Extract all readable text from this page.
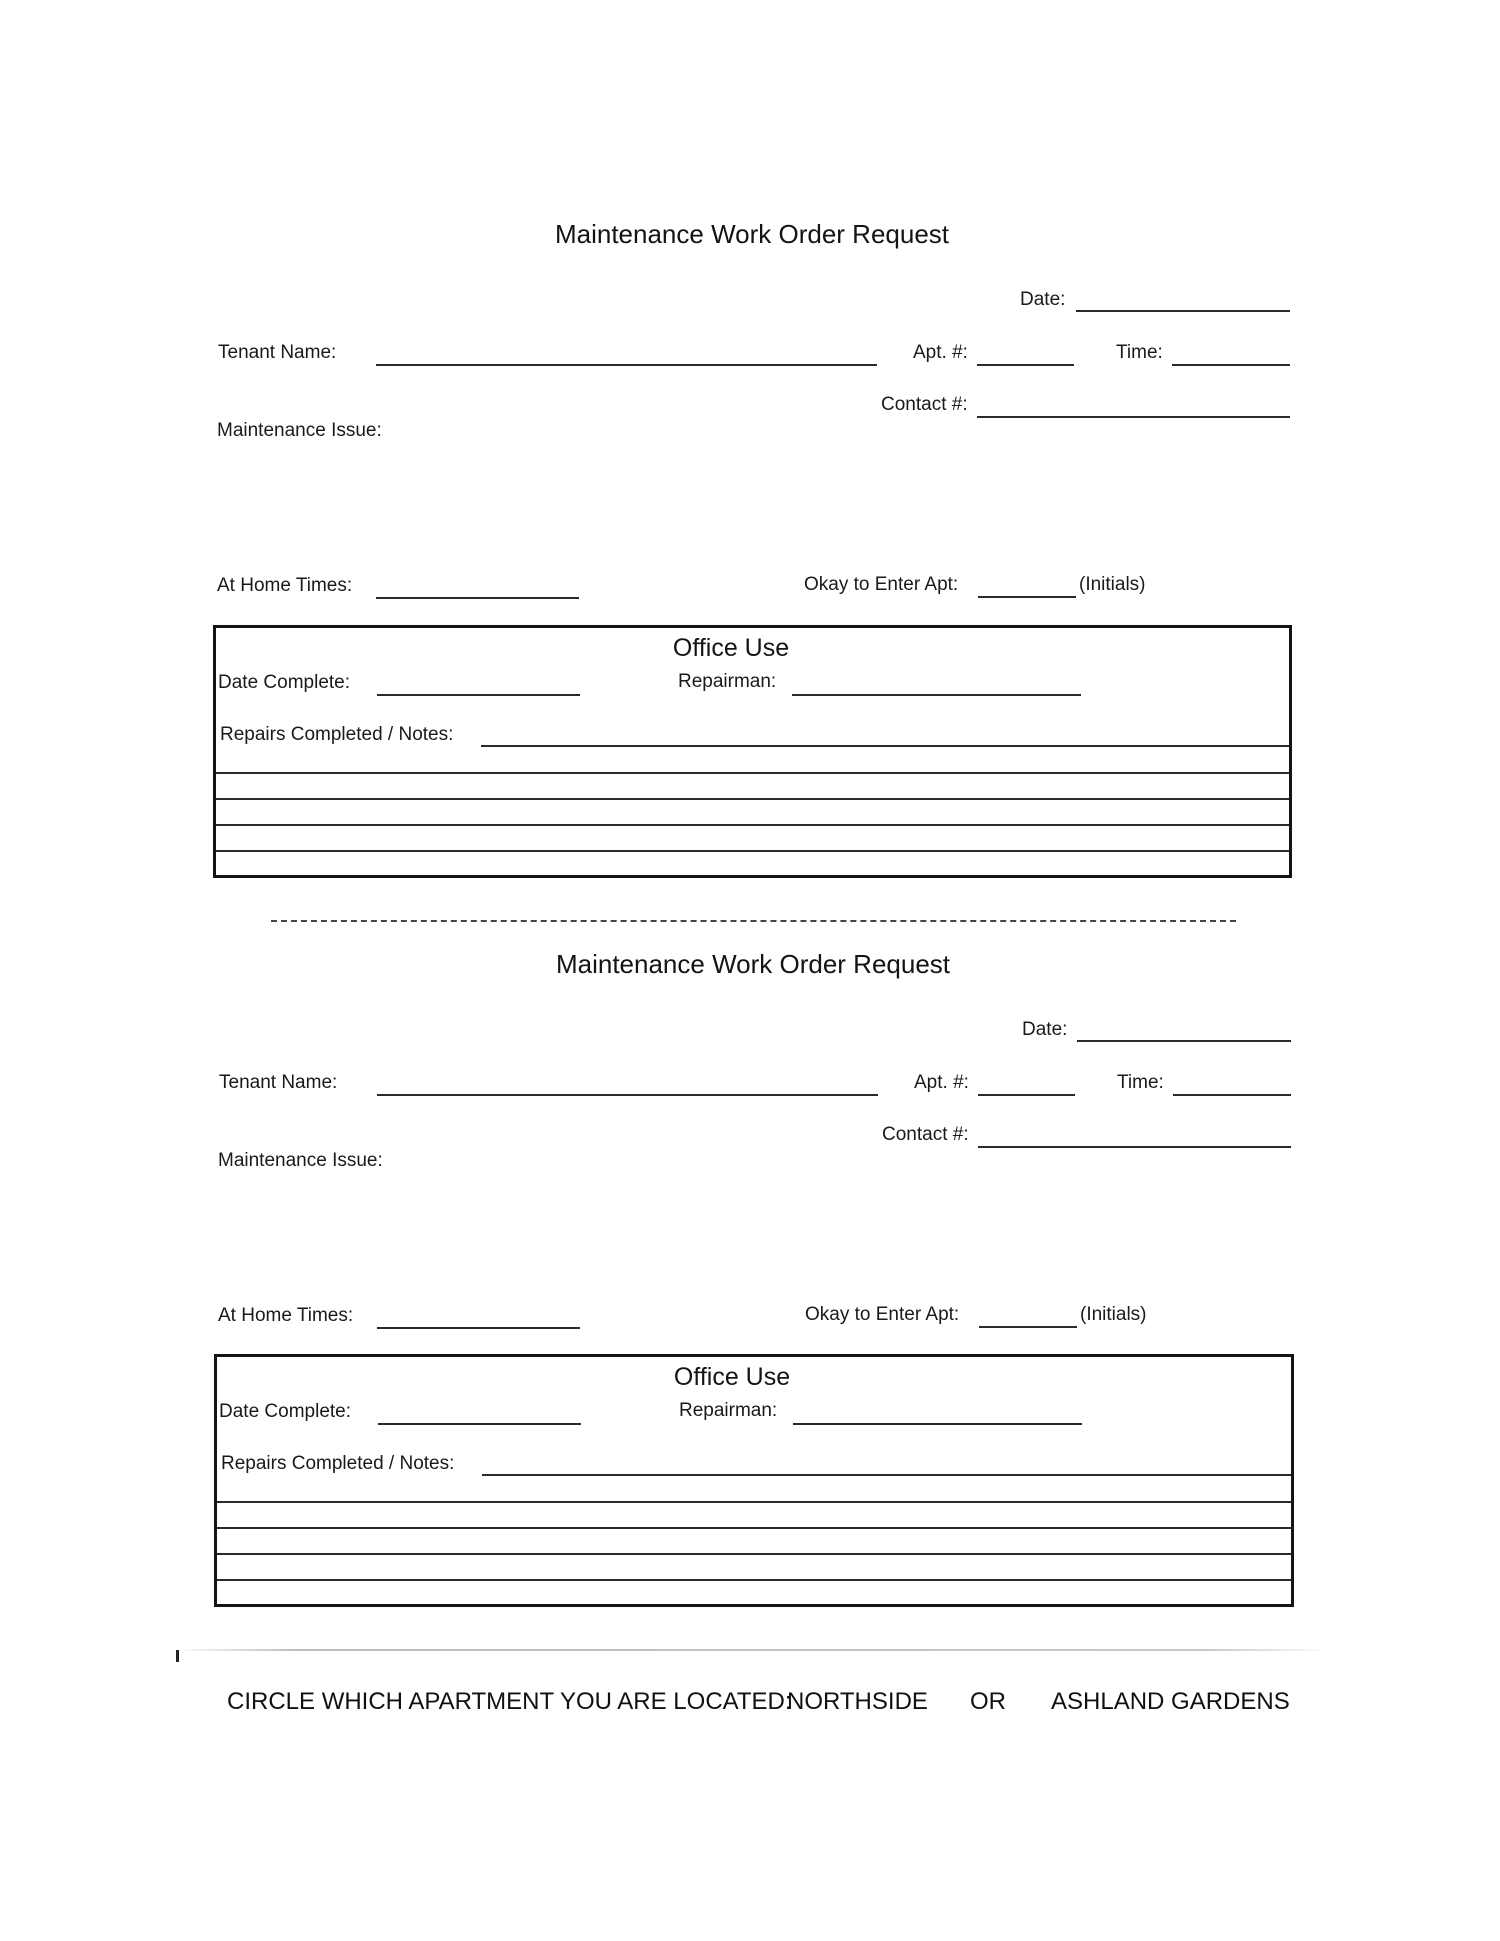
Maintenance Work Order Request
Date:
Tenant Name:	Apt. #:	Time:
Contact #:
Maintenance Issue:
At Home Times:	Okay to Enter Apt:	(Initials)
Office Use
Date Complete:	Repairman:
Repairs Completed / Notes:
Maintenance Work Order Request
Date:
Tenant Name:	Apt. #:	Time:
Contact #:
Maintenance Issue:
At Home Times:	Okay to Enter Apt:	(Initials)
Office Use
Date Complete:	Repairman:
Repairs Completed / Notes:
CIRCLE WHICH APARTMENT YOU ARE LOCATED:
NORTHSIDE OR ASHLAND GARDENS
